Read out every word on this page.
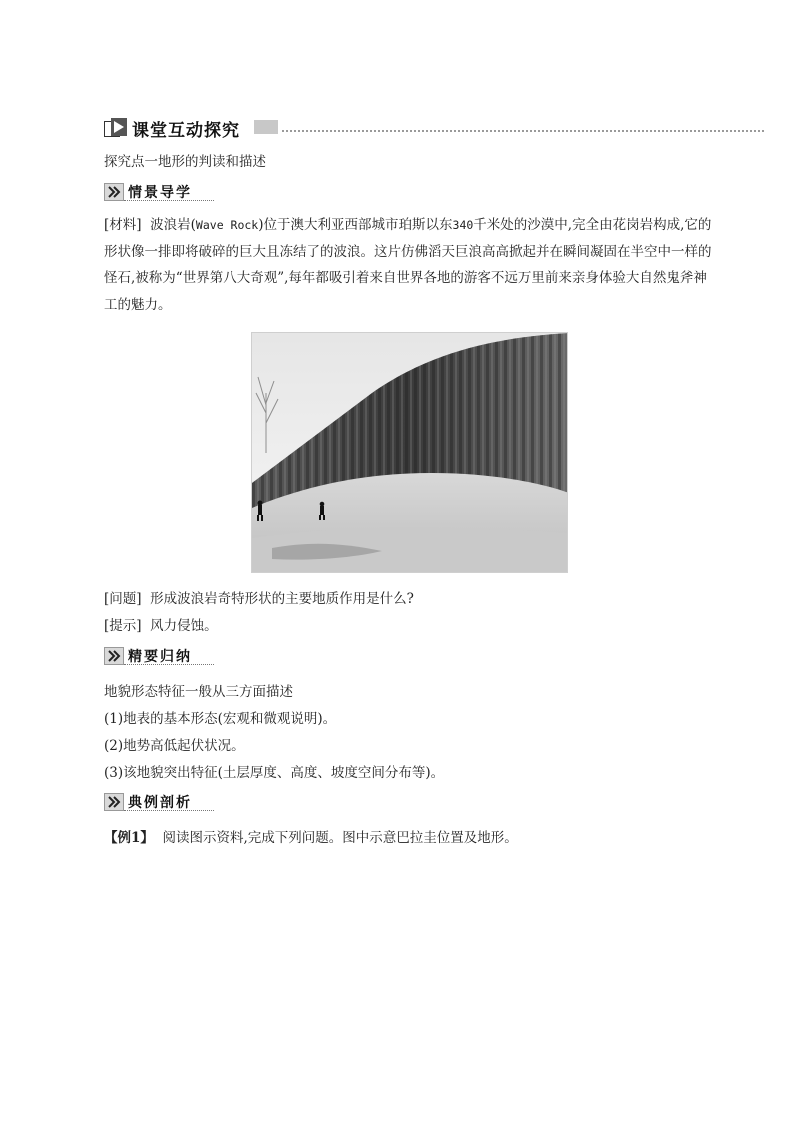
课堂互动探究
探究点一地形的判读和描述
情景导学
[材料] 波浪岩(Wave Rock)位于澳大利亚西部城市珀斯以东340千米处的沙漠中,完全由花岗岩构成,它的形状像一排即将破碎的巨大且冻结了的波浪。这片仿佛滔天巨浪高高掀起并在瞬间凝固在半空中一样的怪石,被称为“世界第八大奇观”,每年都吸引着来自世界各地的游客不远万里前来亲身体验大自然鬼斧神工的魅力。
[问题] 形成波浪岩奇特形状的主要地质作用是什么?
[提示] 风力侵蚀。
精要归纳
地貌形态特征一般从三方面描述
(1)地表的基本形态(宏观和微观说明)。
(2)地势高低起伏状况。
(3)该地貌突出特征(土层厚度、高度、坡度空间分布等)。
典例剖析
【例1】 阅读图示资料,完成下列问题。图中示意巴拉圭位置及地形。
